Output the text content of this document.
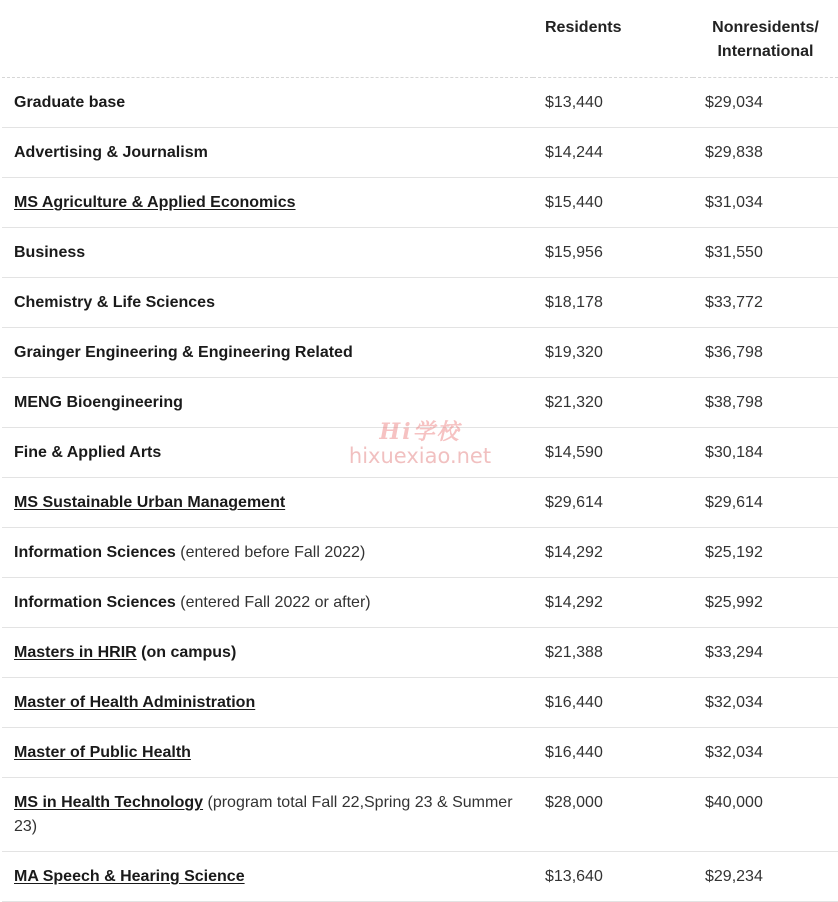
	Residents	Nonresidents/
International
Graduate base	$13,440	$29,034
Advertising & Journalism	$14,244	$29,838
MS Agriculture & Applied Economics	$15,440	$31,034
Business	$15,956	$31,550
Chemistry & Life Sciences	$18,178	$33,772
Grainger Engineering & Engineering Related	$19,320	$36,798
MENG Bioengineering	$21,320	$38,798
Fine & Applied Arts	$14,590	$30,184
MS Sustainable Urban Management	$29,614	$29,614
Information Sciences (entered before Fall 2022)	$14,292	$25,192
Information Sciences (entered Fall 2022 or after)	$14,292	$25,992
Masters in HRIR (on campus)	$21,388	$33,294
Master of Health Administration	$16,440	$32,034
Master of Public Health	$16,440	$32,034
MS in Health Technology (program total Fall 22,Spring 23 & Summer 23)	$28,000	$40,000
MA Speech & Hearing Science	$13,640	$29,234
Hi学校
hixuexiao.net
